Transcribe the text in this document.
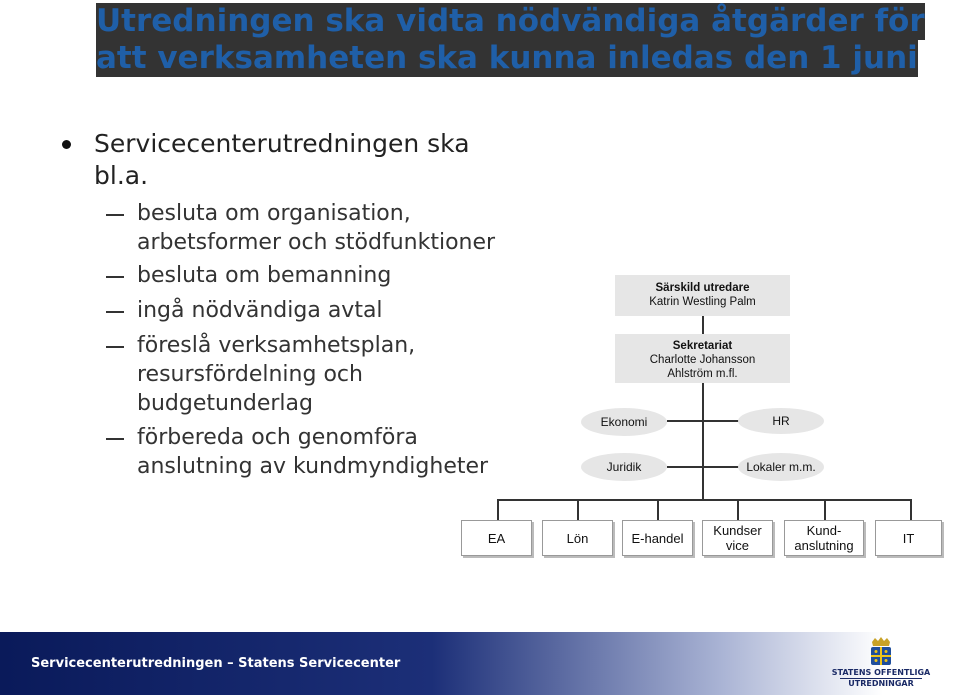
Utredningen ska vidta nödvändiga åtgärder för
att verksamheten ska kunna inledas den 1 juni
Servicecenterutredningen ska
bl.a.
besluta om organisation,
arbetsformer och stödfunktioner
besluta om bemanning
ingå nödvändiga avtal
föreslå verksamhetsplan,
resursfördelning och
budgetunderlag
förbereda och genomföra
anslutning av kundmyndigheter
Särskild utredare
Katrin Westling Palm
Sekretariat
Charlotte Johansson
Ahlström m.fl.
Ekonomi
Juridik
HR
Lokaler m.m.
EA	Lön	E-handel Kundser
vice
Kund-
anslutning	IT
Servicecenterutredningen – Statens Servicecenter
STATENS OFFENTLIGA
UTREDNINGAR
